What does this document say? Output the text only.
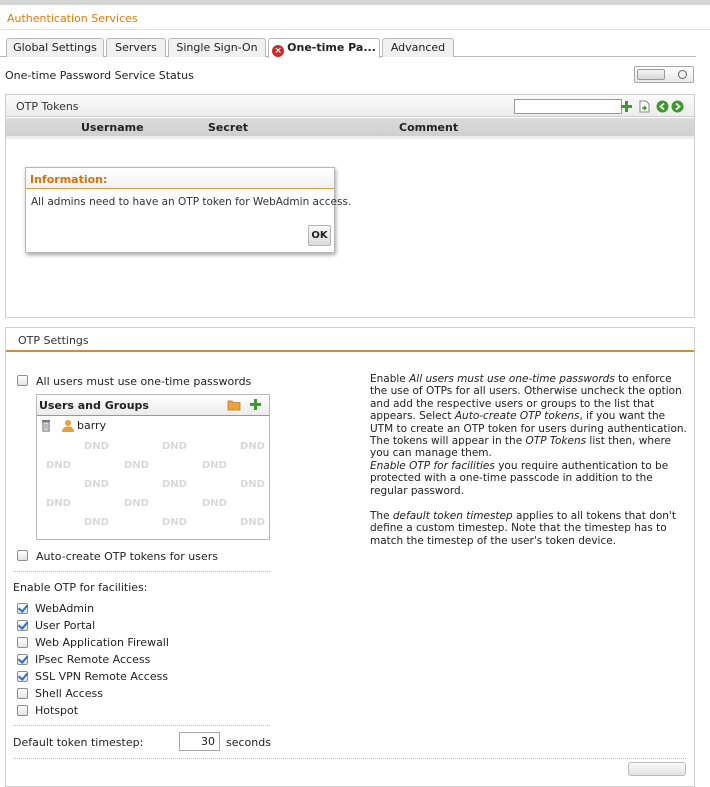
Authentication Services
Global Settings	Servers	Single Sign-On	× One-time Pa...	Advanced
One-time Password Service Status
OTP Tokens
Username	Secret	Comment
Information:
All admins need to have an OTP token for WebAdmin access.
OK
OTP Settings
All users must use one-time passwords
Users and Groups
barry
DND	DND	DND
DND	DND	DND
DND	DND	DND
DND	DND	DND
DND	DND	DND
Auto-create OTP tokens for users
Enable OTP for facilities:
WebAdmin
User Portal
Web Application Firewall
IPsec Remote Access
SSL VPN Remote Access
Shell Access
Hotspot
Default token timestep:	30	seconds
Enable All users must use one-time passwords to enforce the use of OTPs for all users. Otherwise uncheck the option and add the respective users or groups to the list that appears. Select Auto-create OTP tokens, if you want the UTM to create an OTP token for users during authentication. The tokens will appear in the OTP Tokens list then, where you can manage them.
Enable OTP for facilities you require authentication to be protected with a one-time passcode in addition to the regular password.
The default token timestep applies to all tokens that don't define a custom timestep. Note that the timestep has to match the timestep of the user's token device.
